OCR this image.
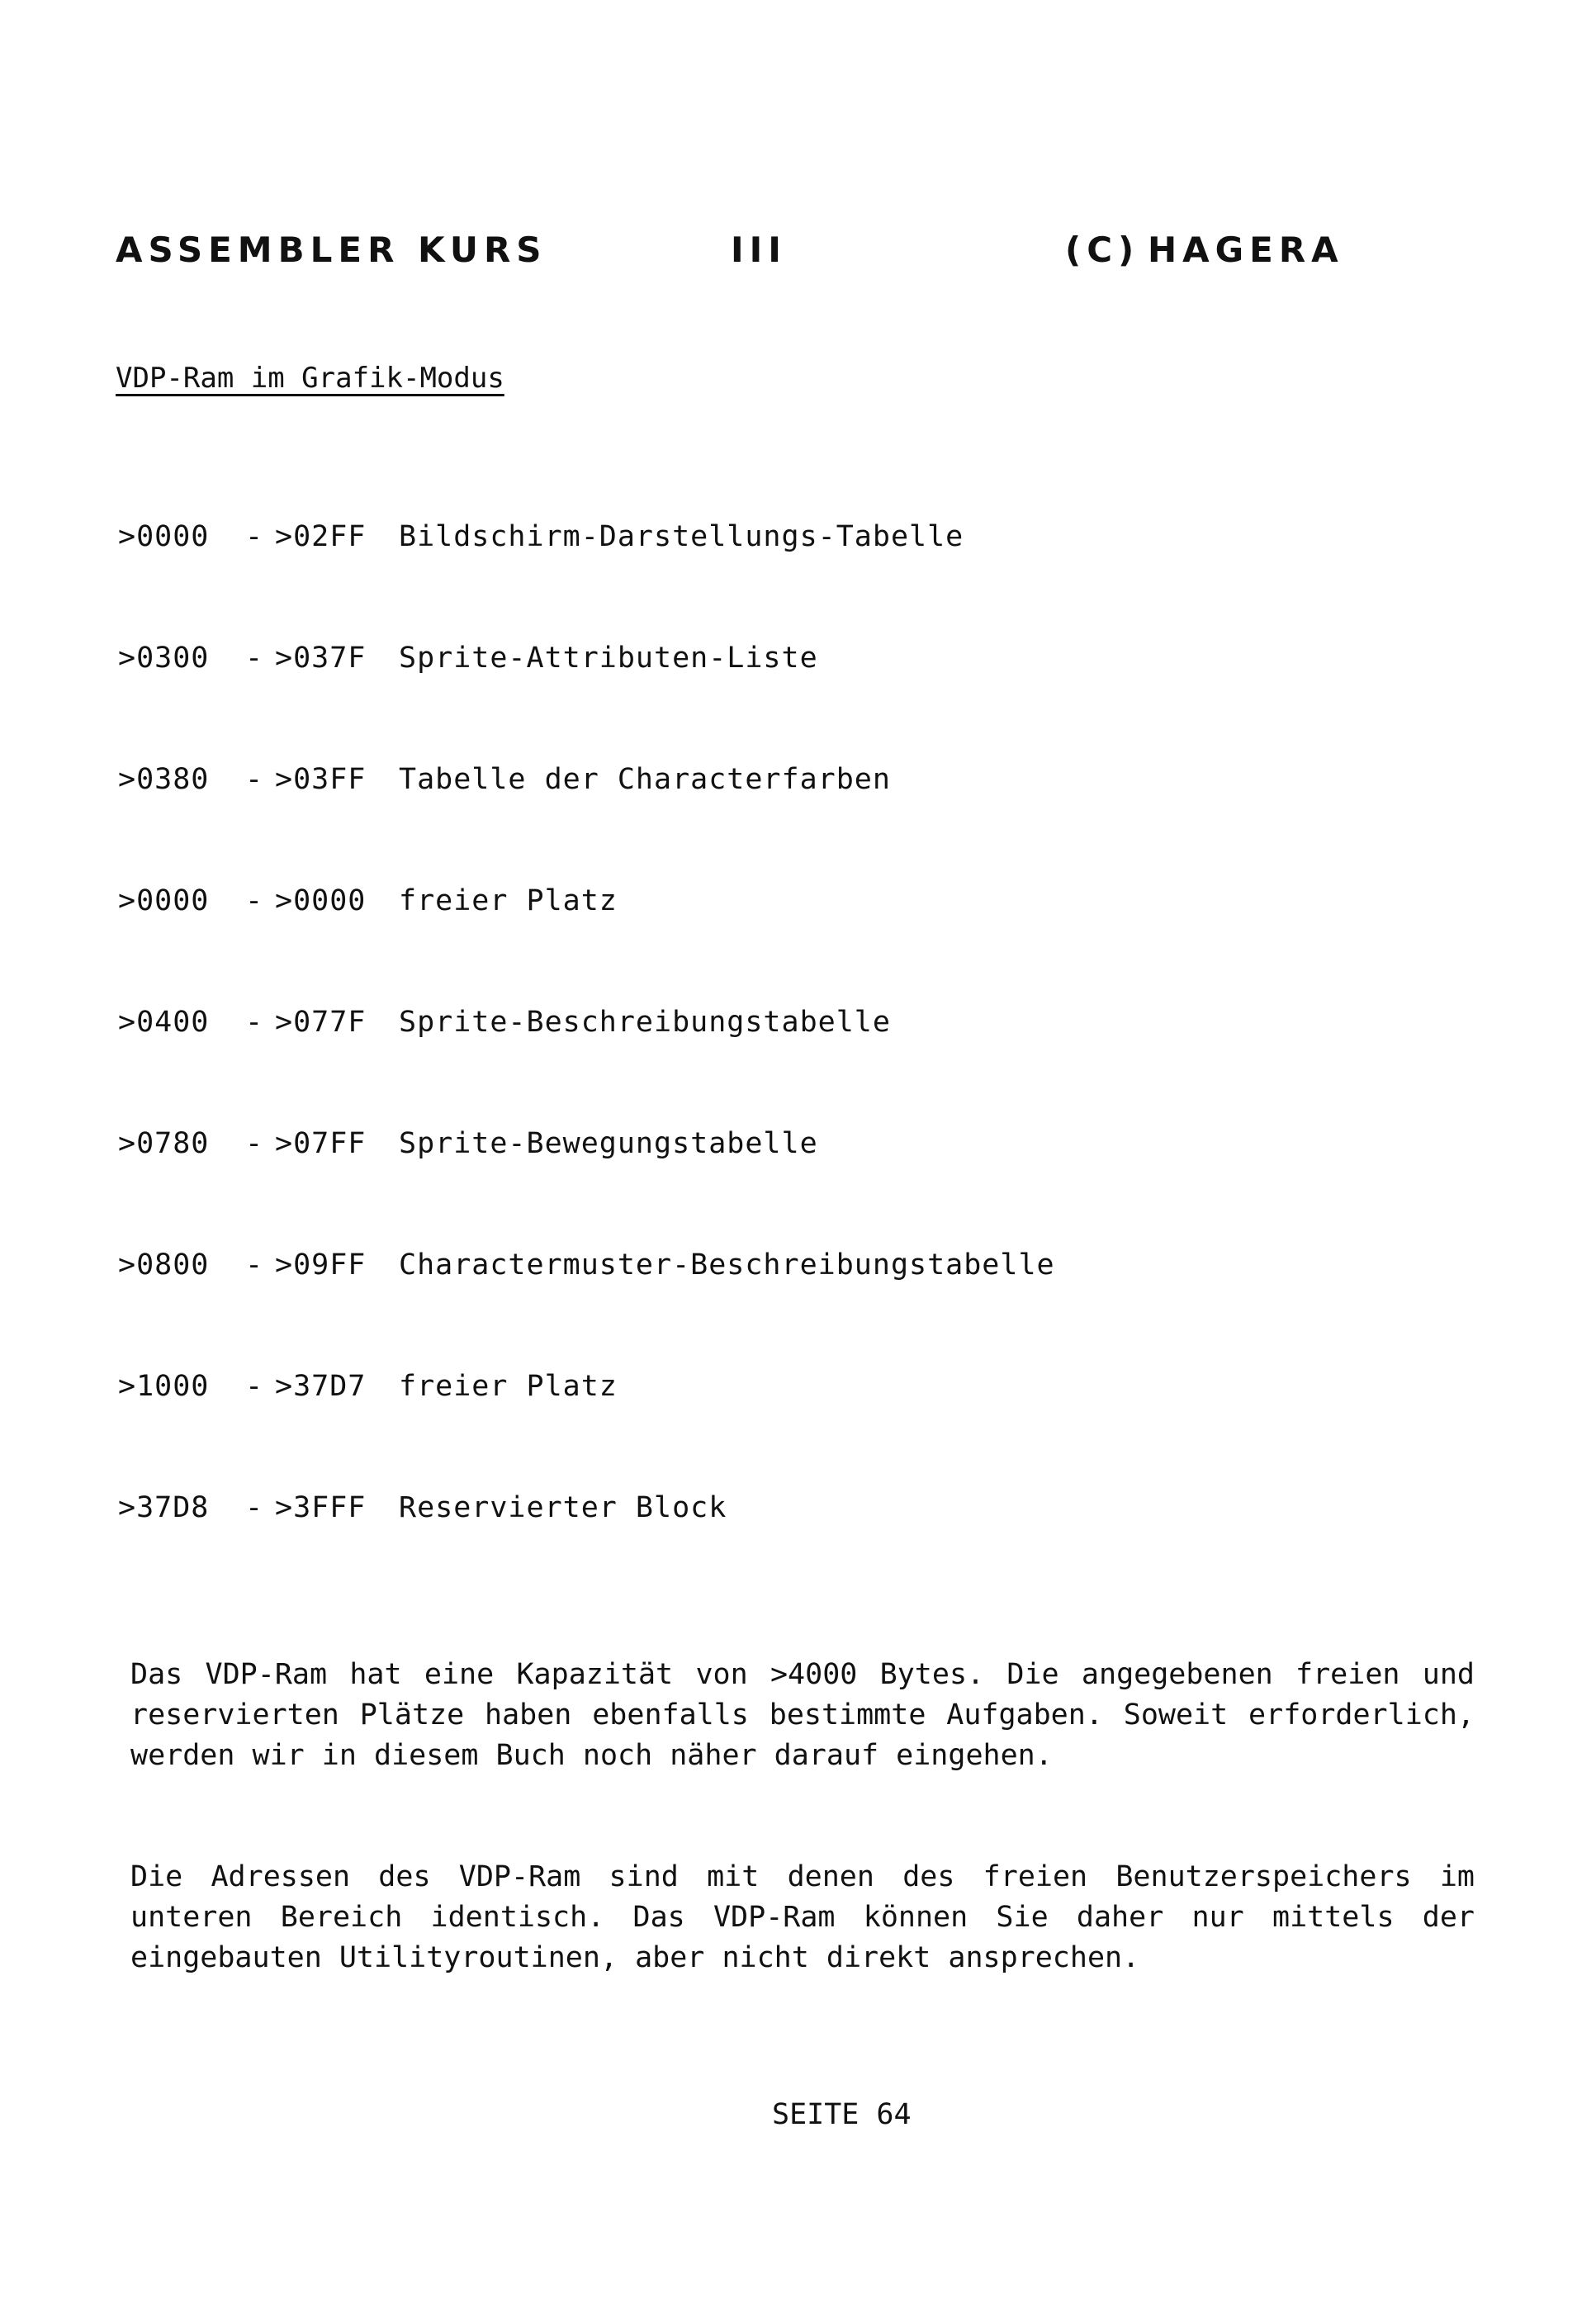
ASSEMBLER KURS	III	(C) HAGERA
VDP-Ram im Grafik-Modus
>0000 - >02FF Bildschirm-Darstellungs-Tabelle
>0300 - >037F Sprite-Attributen-Liste
>0380 - >03FF Tabelle der Characterfarben
>0000 - >0000 freier Platz
>0400 - >077F Sprite-Beschreibungstabelle
>0780 - >07FF Sprite-Bewegungstabelle
>0800 - >09FF Charactermuster-Beschreibungstabelle
>1000 - >37D7 freier Platz
>37D8 - >3FFF Reservierter Block

Das VDP-Ram hat eine Kapazität von >4000 Bytes. Die angegebenen freien und reservierten Plätze haben ebenfalls bestimmte Aufgaben. Soweit erforderlich, werden wir in diesem Buch noch näher darauf eingehen.

Die Adressen des VDP-Ram sind mit denen des freien Benutzerspeichers im unteren Bereich identisch. Das VDP-Ram können Sie daher nur mittels der eingebauten Utilityroutinen, aber nicht direkt ansprechen.

SEITE 64
